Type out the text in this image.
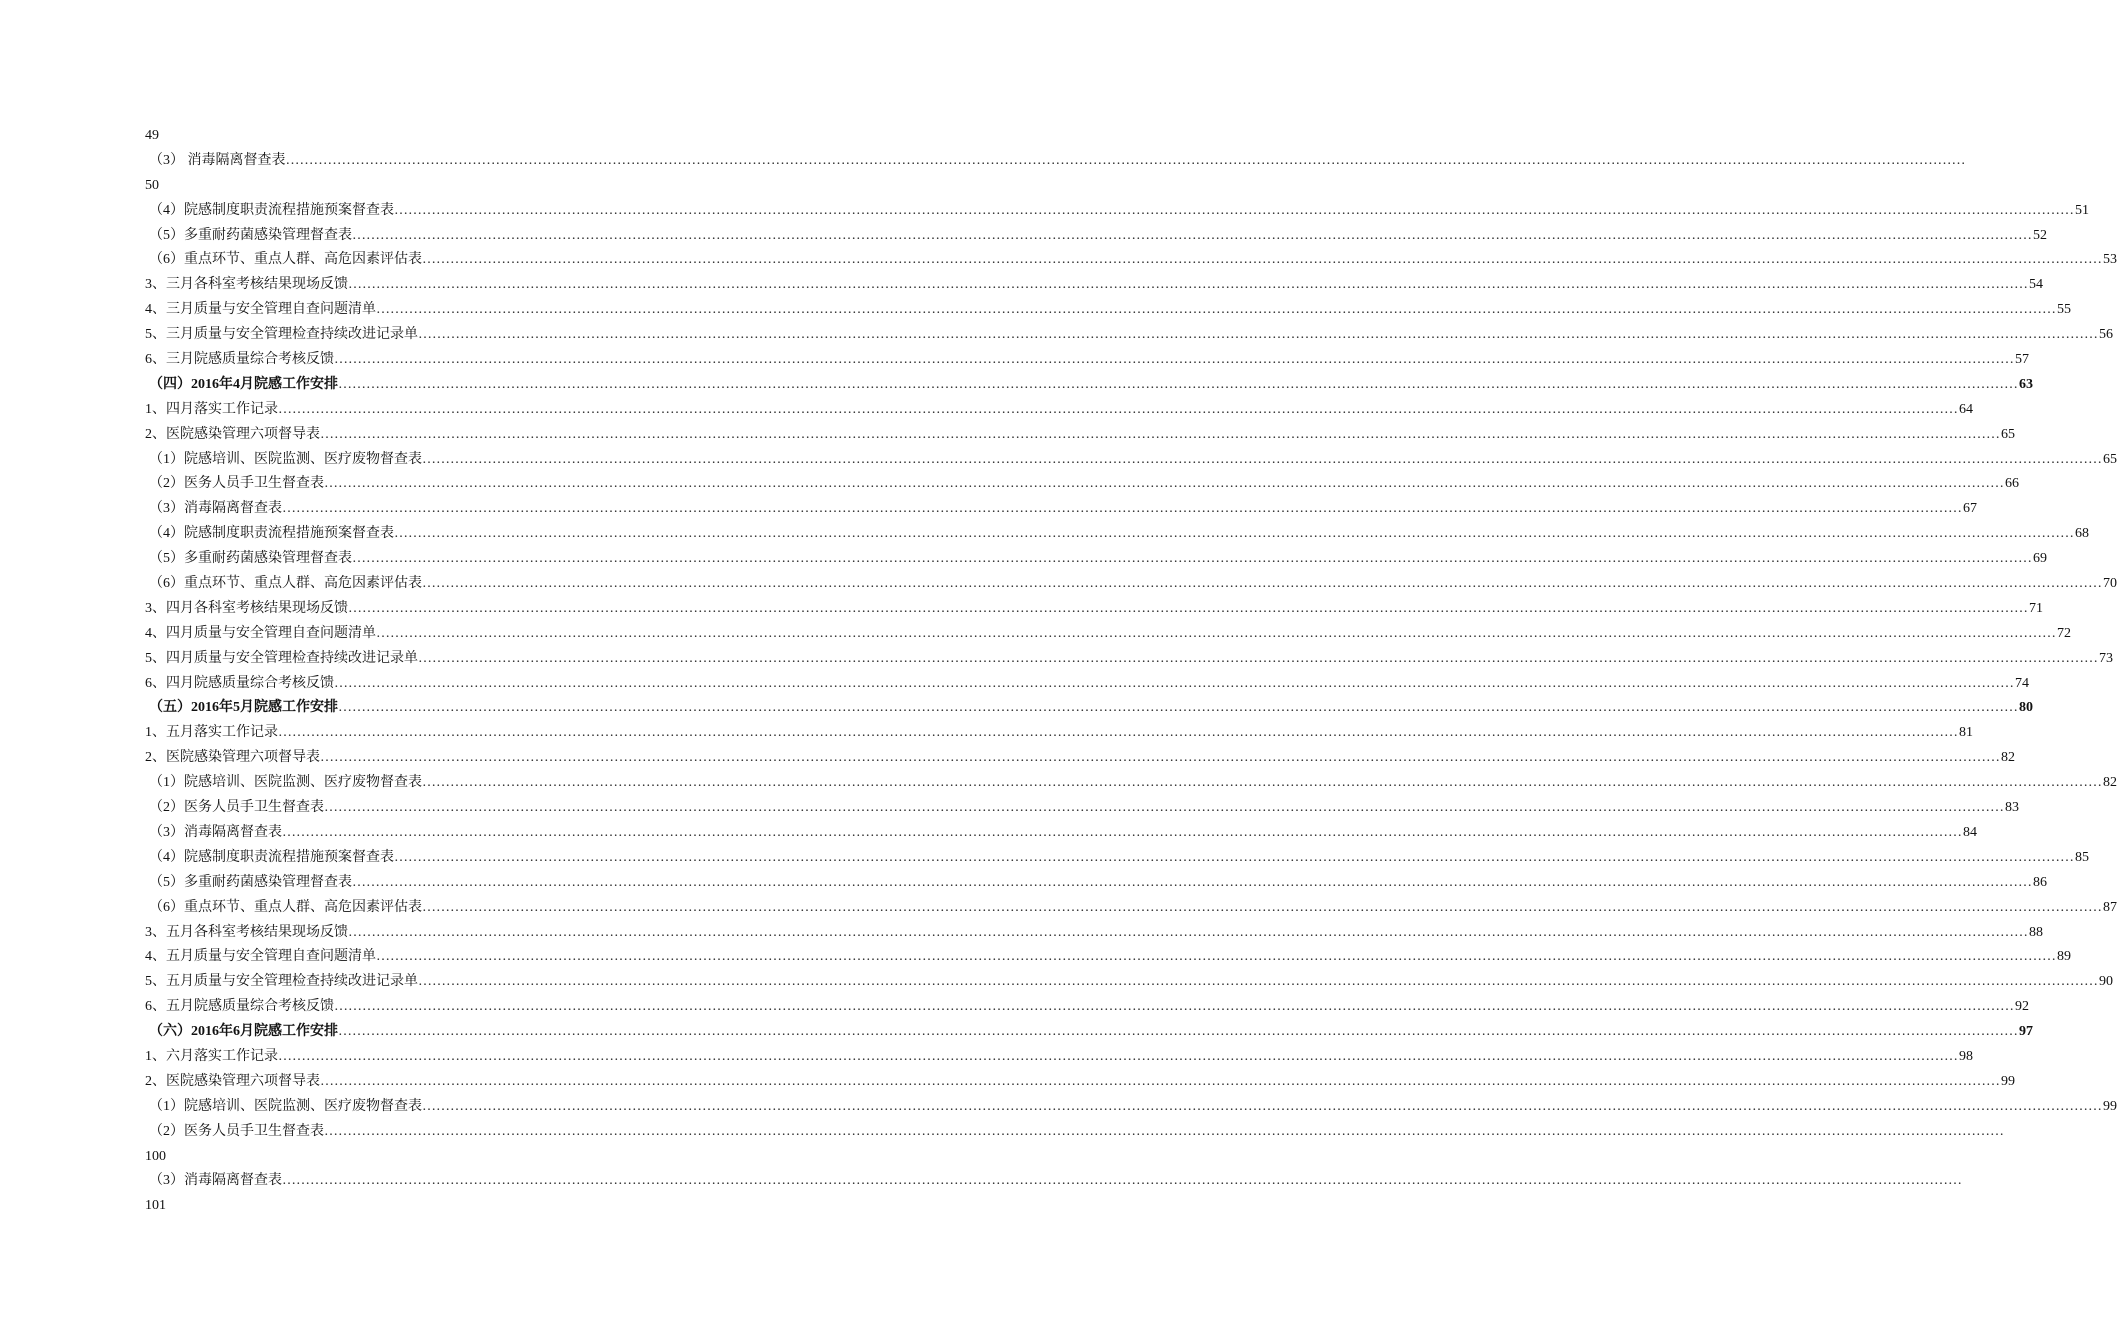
49
（3） 消毒隔离督查表 ………………………………………………………………………………………………………………………………………………………………………………………………………………………………………………………………………………………………………………………………
50
（4）院感制度职责流程措施预案督查表 ……………………………………………………………………………………………………………………………………………………………………………………………………………………………………………………………………………………………………………………………… 51
（5）多重耐药菌感染管理督查表 ……………………………………………………………………………………………………………………………………………………………………………………………………………………………………………………………………………………………………………………………… 52
（6）重点环节、重点人群、高危因素评估表 ……………………………………………………………………………………………………………………………………………………………………………………………………………………………………………………………………………………………………………………………… 53
3、三月各科室考核结果现场反馈 ……………………………………………………………………………………………………………………………………………………………………………………………………………………………………………………………………………………………………………………………… 54
4、三月质量与安全管理自查问题清单 ……………………………………………………………………………………………………………………………………………………………………………………………………………………………………………………………………………………………………………………………… 55
5、三月质量与安全管理检查持续改进记录单 ……………………………………………………………………………………………………………………………………………………………………………………………………………………………………………………………………………………………………………………………… 56
6、三月院感质量综合考核反馈 ……………………………………………………………………………………………………………………………………………………………………………………………………………………………………………………………………………………………………………………………… 57
（四）2016年4月院感工作安排 ……………………………………………………………………………………………………………………………………………………………………………………………………………………………………………………………………………………………………………………………… 63
1、四月落实工作记录 ……………………………………………………………………………………………………………………………………………………………………………………………………………………………………………………………………………………………………………………………… 64
2、医院感染管理六项督导表 ……………………………………………………………………………………………………………………………………………………………………………………………………………………………………………………………………………………………………………………………… 65
（1）院感培训、医院监测、医疗废物督查表 ……………………………………………………………………………………………………………………………………………………………………………………………………………………………………………………………………………………………………………………………… 65
（2）医务人员手卫生督查表 ……………………………………………………………………………………………………………………………………………………………………………………………………………………………………………………………………………………………………………………………… 66
（3）消毒隔离督查表 ……………………………………………………………………………………………………………………………………………………………………………………………………………………………………………………………………………………………………………………………… 67
（4）院感制度职责流程措施预案督查表 ……………………………………………………………………………………………………………………………………………………………………………………………………………………………………………………………………………………………………………………………… 68
（5）多重耐药菌感染管理督查表 ……………………………………………………………………………………………………………………………………………………………………………………………………………………………………………………………………………………………………………………………… 69
（6）重点环节、重点人群、高危因素评估表 ……………………………………………………………………………………………………………………………………………………………………………………………………………………………………………………………………………………………………………………………… 70
3、四月各科室考核结果现场反馈 ……………………………………………………………………………………………………………………………………………………………………………………………………………………………………………………………………………………………………………………………… 71
4、四月质量与安全管理自查问题清单 ……………………………………………………………………………………………………………………………………………………………………………………………………………………………………………………………………………………………………………………………… 72
5、四月质量与安全管理检查持续改进记录单 ……………………………………………………………………………………………………………………………………………………………………………………………………………………………………………………………………………………………………………………………… 73
6、四月院感质量综合考核反馈 ……………………………………………………………………………………………………………………………………………………………………………………………………………………………………………………………………………………………………………………………… 74
（五）2016年5月院感工作安排 ……………………………………………………………………………………………………………………………………………………………………………………………………………………………………………………………………………………………………………………………… 80
1、五月落实工作记录 ……………………………………………………………………………………………………………………………………………………………………………………………………………………………………………………………………………………………………………………………… 81
2、医院感染管理六项督导表 ……………………………………………………………………………………………………………………………………………………………………………………………………………………………………………………………………………………………………………………………… 82
（1）院感培训、医院监测、医疗废物督查表 ……………………………………………………………………………………………………………………………………………………………………………………………………………………………………………………………………………………………………………………………… 82
（2）医务人员手卫生督查表 ……………………………………………………………………………………………………………………………………………………………………………………………………………………………………………………………………………………………………………………………… 83
（3）消毒隔离督查表 ……………………………………………………………………………………………………………………………………………………………………………………………………………………………………………………………………………………………………………………………… 84
（4）院感制度职责流程措施预案督查表 ……………………………………………………………………………………………………………………………………………………………………………………………………………………………………………………………………………………………………………………………… 85
（5）多重耐药菌感染管理督查表 ……………………………………………………………………………………………………………………………………………………………………………………………………………………………………………………………………………………………………………………………… 86
（6）重点环节、重点人群、高危因素评估表 ……………………………………………………………………………………………………………………………………………………………………………………………………………………………………………………………………………………………………………………………… 87
3、五月各科室考核结果现场反馈 ……………………………………………………………………………………………………………………………………………………………………………………………………………………………………………………………………………………………………………………………… 88
4、五月质量与安全管理自查问题清单 ……………………………………………………………………………………………………………………………………………………………………………………………………………………………………………………………………………………………………………………………… 89
5、五月质量与安全管理检查持续改进记录单 ……………………………………………………………………………………………………………………………………………………………………………………………………………………………………………………………………………………………………………………………… 90
6、五月院感质量综合考核反馈 ……………………………………………………………………………………………………………………………………………………………………………………………………………………………………………………………………………………………………………………………… 92
（六）2016年6月院感工作安排 ……………………………………………………………………………………………………………………………………………………………………………………………………………………………………………………………………………………………………………………………… 97
1、六月落实工作记录 ……………………………………………………………………………………………………………………………………………………………………………………………………………………………………………………………………………………………………………………………… 98
2、医院感染管理六项督导表 ……………………………………………………………………………………………………………………………………………………………………………………………………………………………………………………………………………………………………………………………… 99
（1）院感培训、医院监测、医疗废物督查表 ……………………………………………………………………………………………………………………………………………………………………………………………………………………………………………………………………………………………………………………………… 99
（2）医务人员手卫生督查表 ………………………………………………………………………………………………………………………………………………………………………………………………………………………………………………………………………………………………………………………………
100
（3）消毒隔离督查表 ………………………………………………………………………………………………………………………………………………………………………………………………………………………………………………………………………………………………………………………………
101
